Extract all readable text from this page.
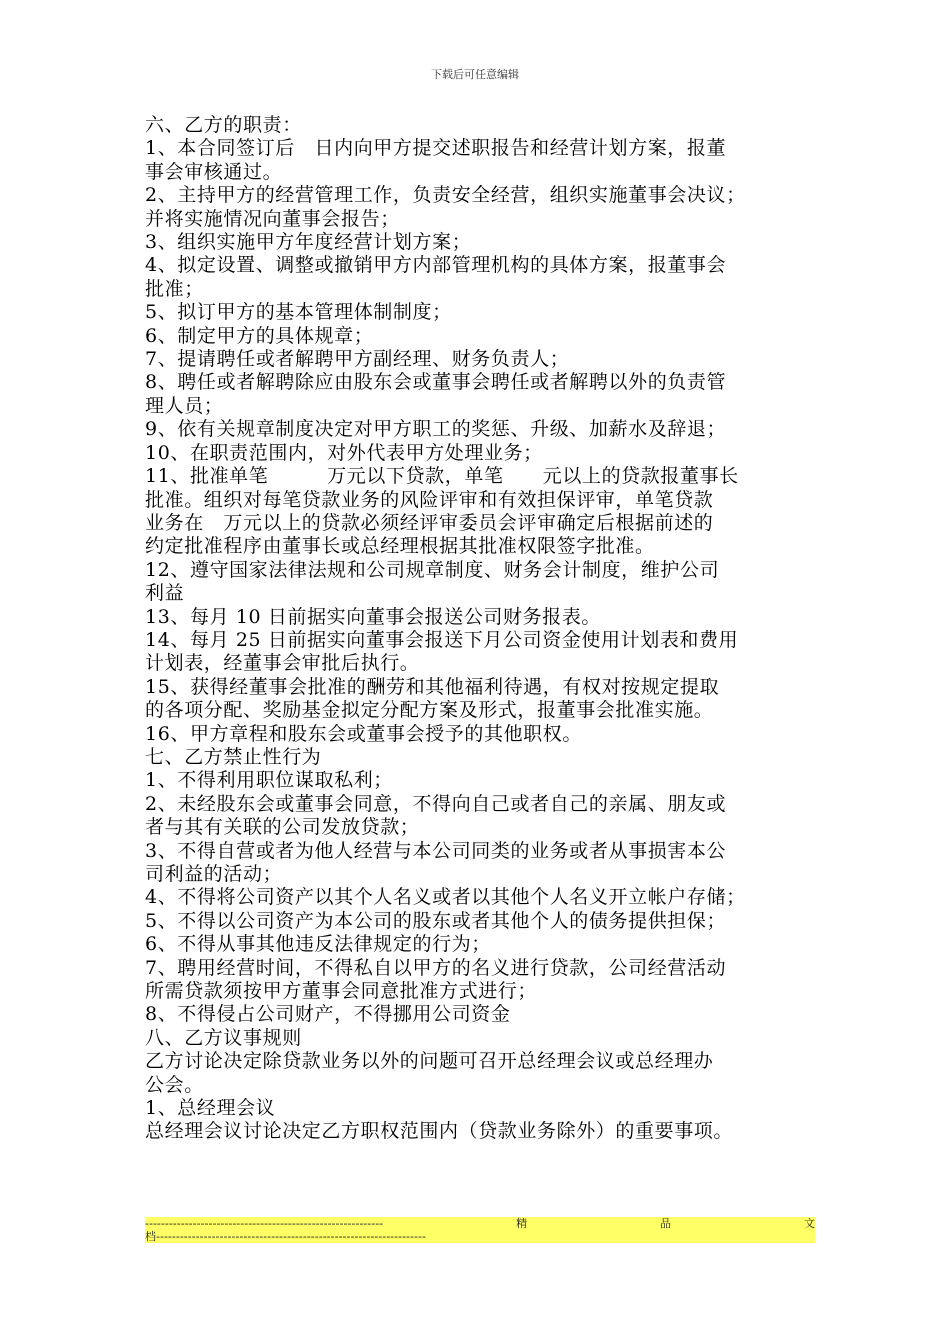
下载后可任意编辑

六、乙方的职责：

1、本合同签订后　日内向甲方提交述职报告和经营计划方案，报董

事会审核通过。

2、主持甲方的经营管理工作，负责安全经营，组织实施董事会决议；

并将实施情况向董事会报告；

3、组织实施甲方年度经营计划方案；

4、拟定设置、调整或撤销甲方内部管理机构的具体方案，报董事会

批准；

5、拟订甲方的基本管理体制制度；

6、制定甲方的具体规章；

7、提请聘任或者解聘甲方副经理、财务负责人；

8、聘任或者解聘除应由股东会或董事会聘任或者解聘以外的负责管

理人员；

9、依有关规章制度决定对甲方职工的奖惩、升级、加薪水及辞退；

10、在职责范围内，对外代表甲方处理业务；

11、批准单笔　　　万元以下贷款，单笔　　元以上的贷款报董事长

批准。组织对每笔贷款业务的风险评审和有效担保评审，单笔贷款

业务在　万元以上的贷款必须经评审委员会评审确定后根据前述的

约定批准程序由董事长或总经理根据其批准权限签字批准。

12、遵守国家法律法规和公司规章制度、财务会计制度，维护公司

利益

13、每月 10 日前据实向董事会报送公司财务报表。

14、每月 25 日前据实向董事会报送下月公司资金使用计划表和费用

计划表，经董事会审批后执行。

15、获得经董事会批准的酬劳和其他福利待遇，有权对按规定提取

的各项分配、奖励基金拟定分配方案及形式，报董事会批准实施。

16、甲方章程和股东会或董事会授予的其他职权。

七、乙方禁止性行为

1、不得利用职位谋取私利；

2、未经股东会或董事会同意，不得向自己或者自己的亲属、朋友或

者与其有关联的公司发放贷款；

3、不得自营或者为他人经营与本公司同类的业务或者从事损害本公

司利益的活动；

4、不得将公司资产以其个人名义或者以其他个人名义开立帐户存储；

5、不得以公司资产为本公司的股东或者其他个人的债务提供担保；

6、不得从事其他违反法律规定的行为；

7、聘用经营时间，不得私自以甲方的名义进行贷款，公司经营活动

所需贷款须按甲方董事会同意批准方式进行；

8、不得侵占公司财产，不得挪用公司资金

八、乙方议事规则

乙方讨论决定除贷款业务以外的问题可召开总经理会议或总经理办

公会。

1、总经理会议

总经理会议讨论决定乙方职权范围内（贷款业务除外）的重要事项。

------------------------------------------------------------	精	品	文
档--------------------------------------------------------------------
